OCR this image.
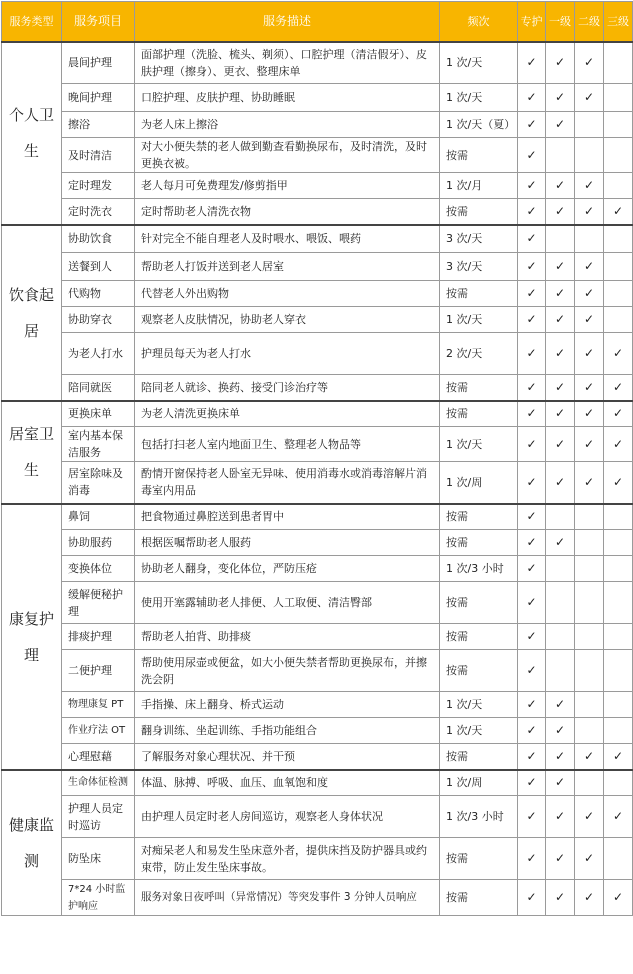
服务类型	服务项目	服务描述	频次	专护	一级	二级	三级
个人卫生	晨间护理	面部护理（洗脸、梳头、剃须）、口腔护理（清洁假牙）、皮肤护理（擦身）、更衣、整理床单	1 次/天	✓	✓	✓	
	晚间护理	口腔护理、皮肤护理、协助睡眠	1 次/天	✓	✓	✓	
	擦浴	为老人床上擦浴	1 次/天（夏）	✓	✓		
	及时清洁	对大小便失禁的老人做到勤查看勤换尿布，及时清洗，及时更换衣被。	按需	✓			
	定时理发	老人每月可免费理发/修剪指甲	1 次/月	✓	✓	✓	
	定时洗衣	定时帮助老人清洗衣物	按需	✓	✓	✓	✓
饮食起居	协助饮食	针对完全不能自理老人及时喂水、喂饭、喂药	3 次/天	✓			
	送餐到人	帮助老人打饭并送到老人居室	3 次/天	✓	✓	✓	
	代购物	代替老人外出购物	按需	✓	✓	✓	
	协助穿衣	观察老人皮肤情况，协助老人穿衣	1 次/天	✓	✓	✓	
	为老人打水	护理员每天为老人打水	2 次/天	✓	✓	✓	✓
	陪同就医	陪同老人就诊、换药、接受门诊治疗等	按需	✓	✓	✓	✓
居室卫生	更换床单	为老人清洗更换床单	按需	✓	✓	✓	✓
	室内基本保洁服务	包括打扫老人室内地面卫生、整理老人物品等	1 次/天	✓	✓	✓	✓
	居室除味及消毒	酌情开窗保持老人卧室无异味、使用消毒水或消毒溶解片消毒室内用品	1 次/周	✓	✓	✓	✓
康复护理	鼻饲	把食物通过鼻腔送到患者胃中	按需	✓			
	协助服药	根据医嘱帮助老人服药	按需	✓	✓		
	变换体位	协助老人翻身，变化体位，严防压疮	1 次/3 小时	✓			
	缓解便秘护理	使用开塞露辅助老人排便、人工取便、清洁臀部	按需	✓			
	排痰护理	帮助老人拍背、助排痰	按需	✓			
	二便护理	帮助使用尿壶或便盆，如大小便失禁者帮助更换尿布，并擦洗会阴	按需	✓			
	物理康复 PT	手指操、床上翻身、桥式运动	1 次/天	✓	✓		
	作业疗法 OT	翻身训练、坐起训练、手指功能组合	1 次/天	✓	✓		
	心理慰藉	了解服务对象心理状况、并干预	按需	✓	✓	✓	✓
健康监测	生命体征检测	体温、脉搏、呼吸、血压、血氧饱和度	1 次/周	✓	✓		
	护理人员定时巡访	由护理人员定时老人房间巡访，观察老人身体状况	1 次/3 小时	✓	✓	✓	✓
	防坠床	对痴呆老人和易发生坠床意外者，提供床挡及防护器具或约束带，防止发生坠床事故。	按需	✓	✓	✓	
	7*24 小时监护响应	服务对象日夜呼叫（异常情况）等突发事件 3 分钟人员响应	按需	✓	✓	✓	✓
